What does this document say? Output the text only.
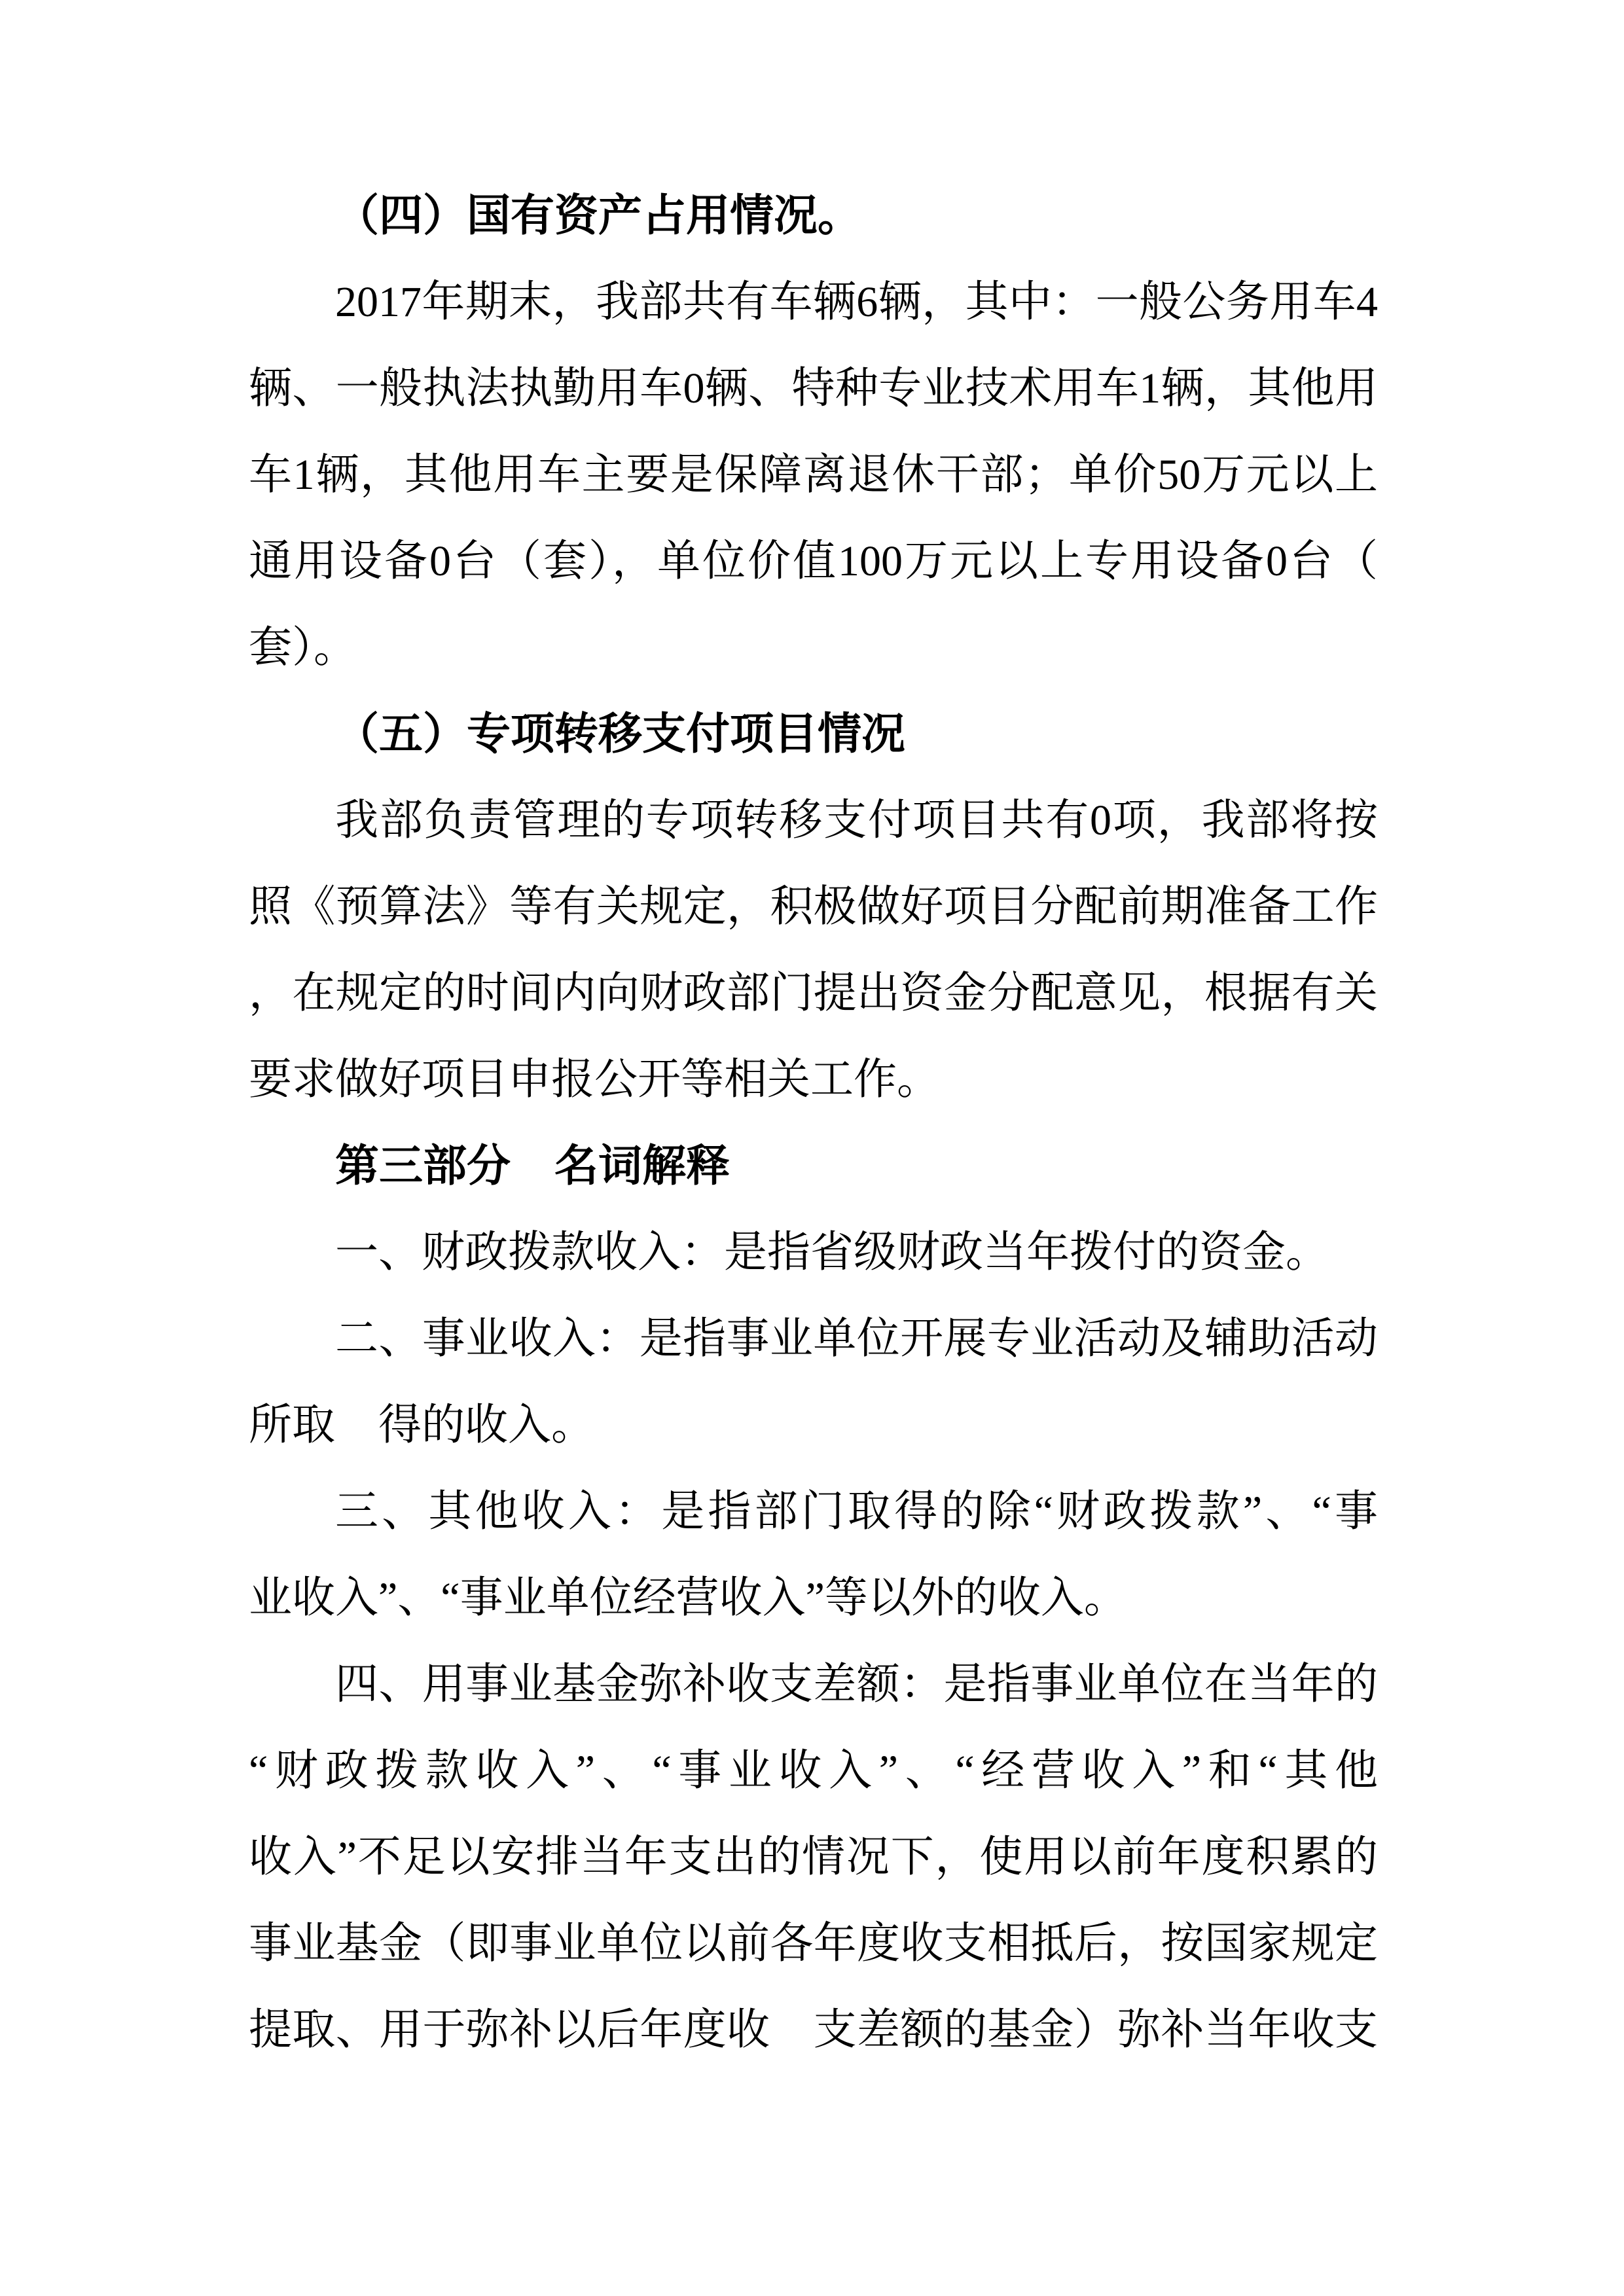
（四）国有资产占用情况。
2017年期末，我部共有车辆6辆，其中：一般公务用车4
辆、一般执法执勤用车0辆、特种专业技术用车1辆，其他用
车1辆，其他用车主要是保障离退休干部；单价50万元以上
通用设备0台（套），单位价值100万元以上专用设备0台（
套）。
（五）专项转移支付项目情况
我部负责管理的专项转移支付项目共有0项，我部将按
照《预算法》等有关规定，积极做好项目分配前期准备工作
，在规定的时间内向财政部门提出资金分配意见，根据有关
要求做好项目申报公开等相关工作。
第三部分　名词解释
一、财政拨款收入：是指省级财政当年拨付的资金。
二、事业收入：是指事业单位开展专业活动及辅助活动
所取　得的收入。
三、其他收入：是指部门取得的除“财政拨款”、“事
业收入”、“事业单位经营收入”等以外的收入。
四、用事业基金弥补收支差额：是指事业单位在当年的
“财政拨款收入”、“事业收入”、“经营收入”和“其他
收入”不足以安排当年支出的情况下，使用以前年度积累的
事业基金（即事业单位以前各年度收支相抵后，按国家规定
提取、用于弥补以后年度收　支差额的基金）弥补当年收支
